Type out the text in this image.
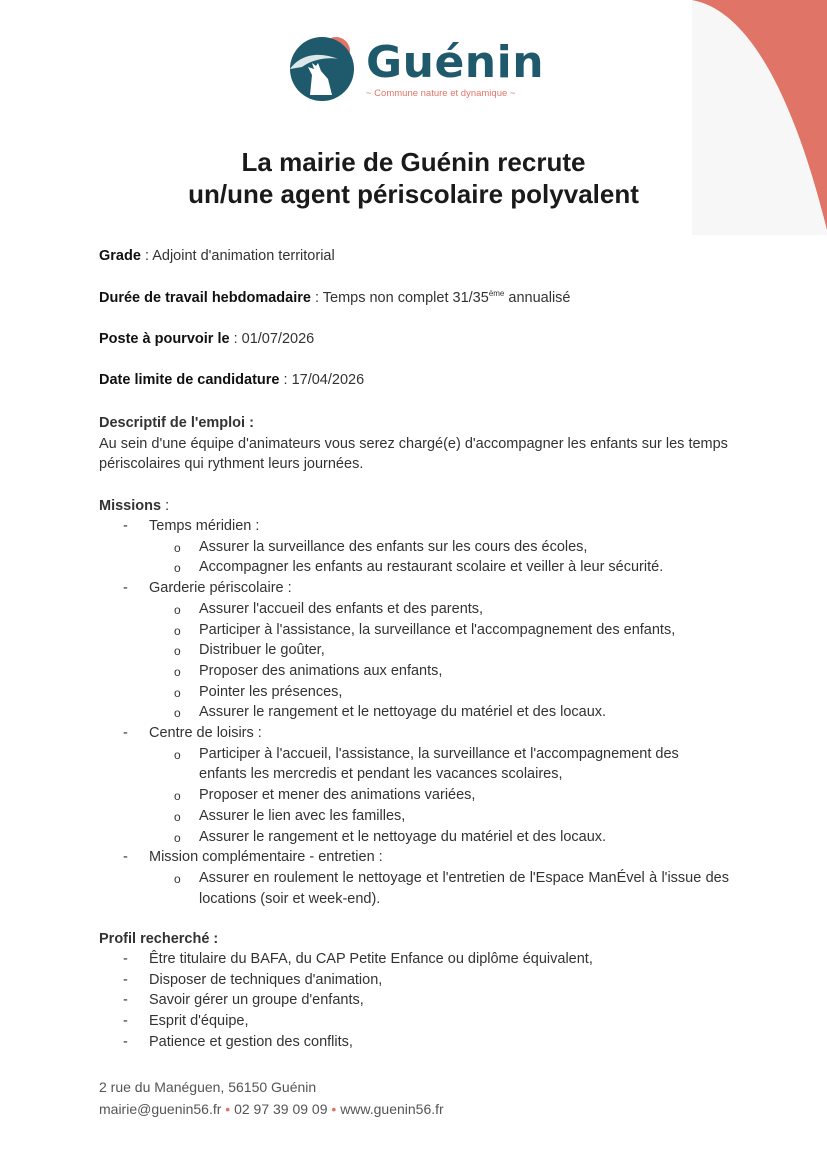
Guénin
~ Commune nature et dynamique ~
La mairie de Guénin recrute
un/une agent périscolaire polyvalent
Grade : Adjoint d'animation territorial
Durée de travail hebdomadaire : Temps non complet 31/35ème annualisé
Poste à pourvoir le : 01/07/2026
Date limite de candidature : 17/04/2026
Descriptif de l'emploi :
Au sein d'une équipe d'animateurs vous serez chargé(e) d'accompagner les enfants sur les temps périscolaires qui rythment leurs journées.
Missions :
- Temps méridien :
o Assurer la surveillance des enfants sur les cours des écoles,
o Accompagner les enfants au restaurant scolaire et veiller à leur sécurité.
- Garderie périscolaire :
o Assurer l'accueil des enfants et des parents,
o Participer à l'assistance, la surveillance et l'accompagnement des enfants,
o Distribuer le goûter,
o Proposer des animations aux enfants,
o Pointer les présences,
o Assurer le rangement et le nettoyage du matériel et des locaux.
- Centre de loisirs :
o Participer à l'accueil, l'assistance, la surveillance et l'accompagnement des enfants les mercredis et pendant les vacances scolaires,
o Proposer et mener des animations variées,
o Assurer le lien avec les familles,
o Assurer le rangement et le nettoyage du matériel et des locaux.
- Mission complémentaire - entretien :
o Assurer en roulement le nettoyage et l'entretien de l'Espace ManÉvel à l'issue des locations (soir et week-end).
Profil recherché :
- Être titulaire du BAFA, du CAP Petite Enfance ou diplôme équivalent,
- Disposer de techniques d'animation,
- Savoir gérer un groupe d'enfants,
- Esprit d'équipe,
- Patience et gestion des conflits,
2 rue du Manéguen, 56150 Guénin
mairie@guenin56.fr • 02 97 39 09 09 • www.guenin56.fr
